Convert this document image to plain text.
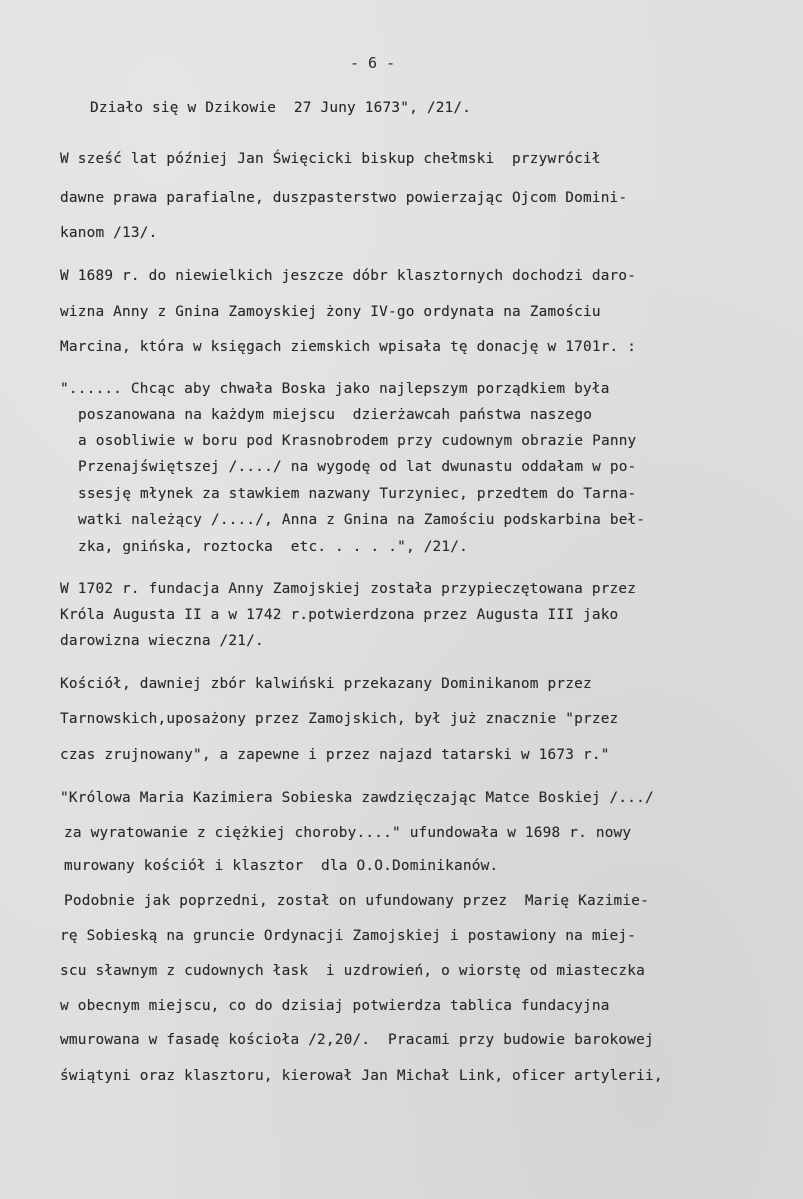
- 6 -
Działo się w Dzikowie  27 Juny 1673", /21/.
W sześć lat później Jan Święcicki biskup chełmski  przywrócił
dawne prawa parafialne, duszpasterstwo powierzając Ojcom Domini-
kanom /13/.
W 1689 r. do niewielkich jeszcze dóbr klasztornych dochodzi daro-
wizna Anny z Gnina Zamoyskiej żony IV-go ordynata na Zamościu
Marcina, która w księgach ziemskich wpisała tę donację w 1701r. :
"...... Chcąc aby chwała Boska jako najlepszym porządkiem była
poszanowana na każdym miejscu  dzierżawcah państwa naszego
a osobliwie w boru pod Krasnobrodem przy cudownym obrazie Panny
Przenajświętszej /..../ na wygodę od lat dwunastu oddałam w po-
ssesję młynek za stawkiem nazwany Turzyniec, przedtem do Tarna-
watki należący /..../, Anna z Gnina na Zamościu podskarbina beł-
zka, gnińska, roztocka  etc. . . . .", /21/.
W 1702 r. fundacja Anny Zamojskiej została przypieczętowana przez
Króla Augusta II a w 1742 r.potwierdzona przez Augusta III jako
darowizna wieczna /21/.
Kościół, dawniej zbór kalwiński przekazany Dominikanom przez
Tarnowskich,uposażony przez Zamojskich, był już znacznie "przez
czas zrujnowany", a zapewne i przez najazd tatarski w 1673 r."
"Królowa Maria Kazimiera Sobieska zawdzięczając Matce Boskiej /.../
za wyratowanie z ciężkiej choroby...." ufundowała w 1698 r. nowy
murowany kościół i klasztor  dla O.O.Dominikanów.
Podobnie jak poprzedni, został on ufundowany przez  Marię Kazimie-
rę Sobieską na gruncie Ordynacji Zamojskiej i postawiony na miej-
scu sławnym z cudownych łask  i uzdrowień, o wiorstę od miasteczka
w obecnym miejscu, co do dzisiaj potwierdza tablica fundacyjna
wmurowana w fasadę kościoła /2,20/.  Pracami przy budowie barokowej
świątyni oraz klasztoru, kierował Jan Michał Link, oficer artylerii,
